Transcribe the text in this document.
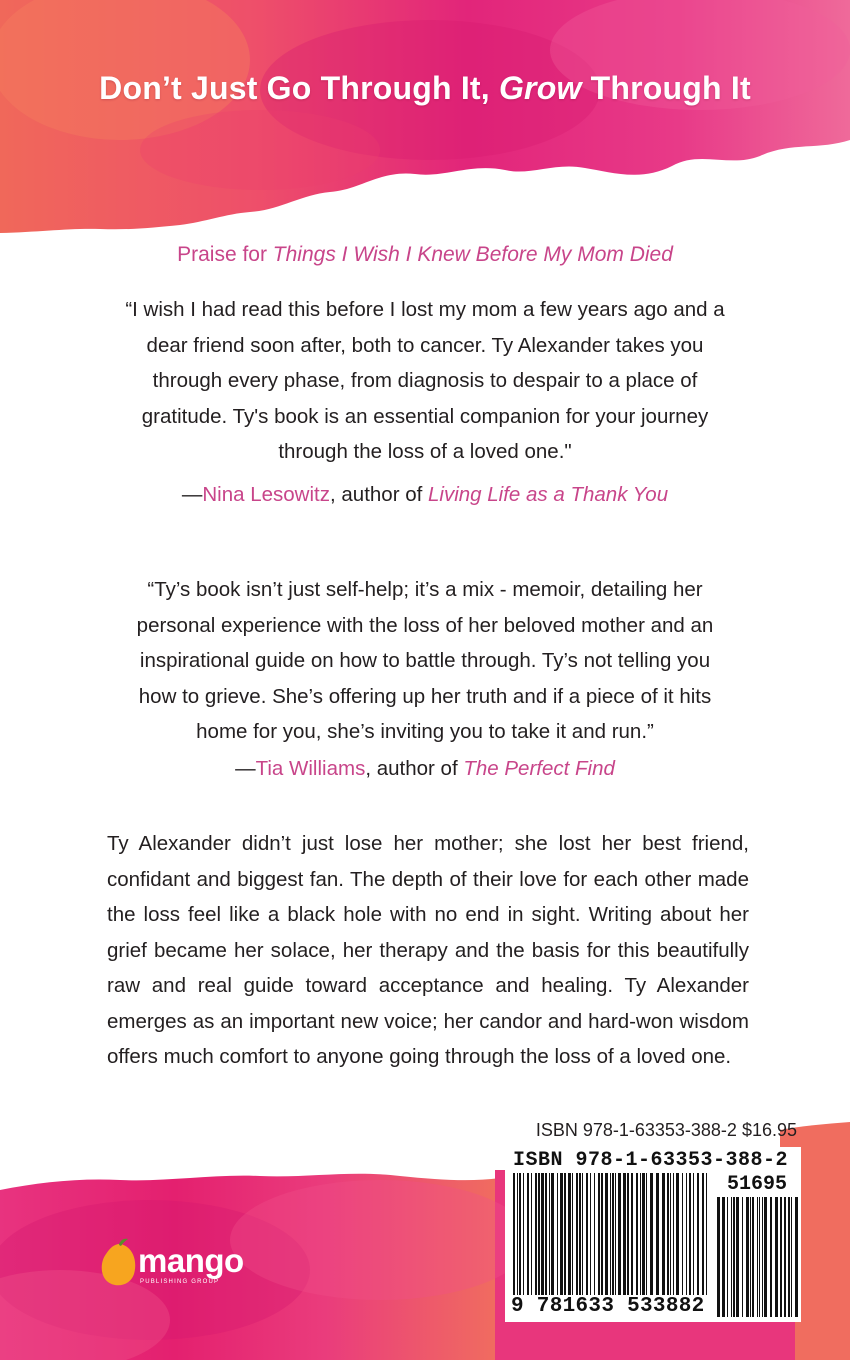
Don’t Just Go Through It, Grow Through It
Praise for Things I Wish I Knew Before My Mom Died
“I wish I had read this before I lost my mom a few years ago and a
dear friend soon after, both to cancer. Ty Alexander takes you
through every phase, from diagnosis to despair to a place of
gratitude. Ty's book is an essential companion for your journey
through the loss of a loved one."
—Nina Lesowitz, author of Living Life as a Thank You
“Ty’s book isn’t just self-help; it’s a mix - memoir, detailing her
personal experience with the loss of her beloved mother and an
inspirational guide on how to battle through. Ty’s not telling you
how to grieve. She’s offering up her truth and if a piece of it hits
home for you, she’s inviting you to take it and run.”
—Tia Williams, author of The Perfect Find
Ty Alexander didn’t just lose her mother; she lost her best friend, confidant and biggest fan. The depth of their love for each other made the loss feel like a black hole with no end in sight. Writing about her grief became her solace, her therapy and the basis for this beautifully raw and real guide toward acceptance and healing. Ty Alexander emerges as an important new voice; her candor and hard-won wisdom offers much comfort to anyone going through the loss of a loved one.
ISBN 978-1-63353-388-2 $16.95
ISBN 978-1-63353-388-2
51695
9 781633 533882
mango
PUBLISHING GROUP
